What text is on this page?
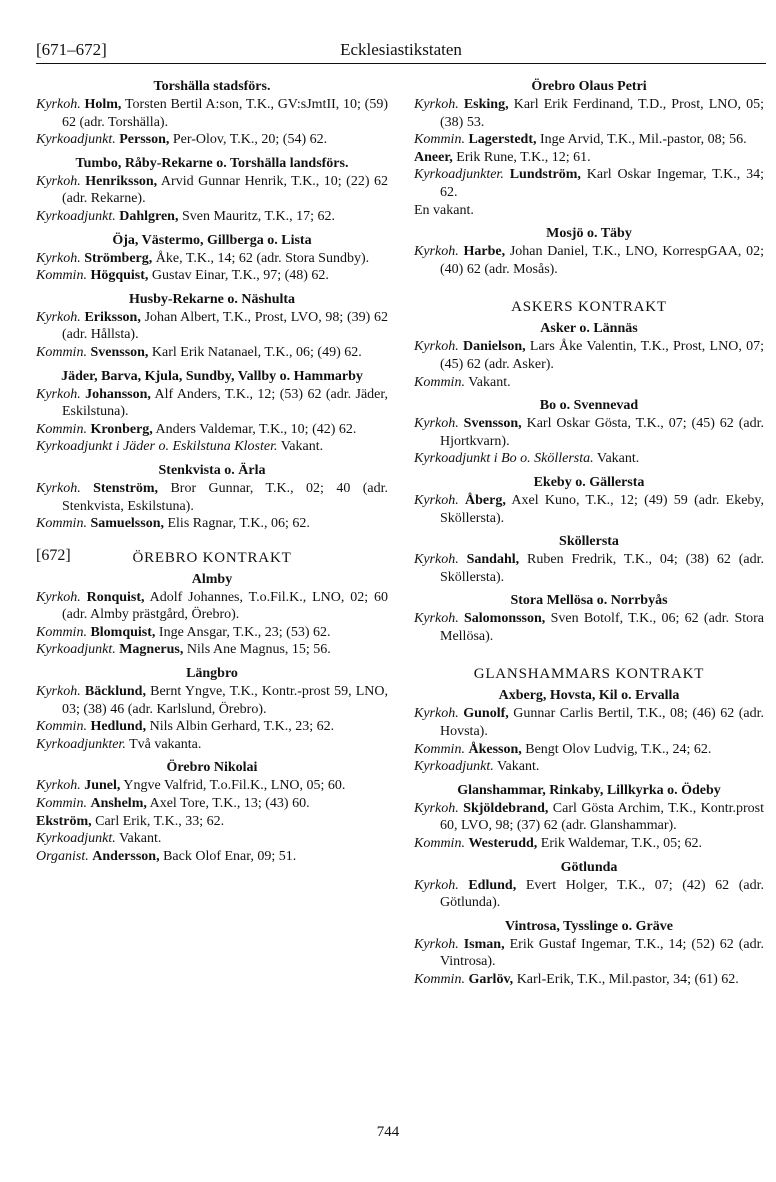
[671–672]	Ecklesiastikstaten
Torshälla stadsförs.
Kyrkoh. Holm, Torsten Bertil A:son, T.K., GV:sJmtII, 10; (59) 62 (adr. Torshälla).
Kyrkoadjunkt. Persson, Per-Olov, T.K., 20; (54) 62.
Tumbo, Råby-Rekarne o. Torshälla landsförs.
Kyrkoh. Henriksson, Arvid Gunnar Henrik, T.K., 10; (22) 62 (adr. Rekarne).
Kyrkoadjunkt. Dahlgren, Sven Mauritz, T.K., 17; 62.
Öja, Västermo, Gillberga o. Lista
Kyrkoh. Strömberg, Åke, T.K., 14; 62 (adr. Stora Sundby).
Kommin. Högquist, Gustav Einar, T.K., 97; (48) 62.
Husby-Rekarne o. Näshulta
Kyrkoh. Eriksson, Johan Albert, T.K., Prost, LVO, 98; (39) 62 (adr. Hållsta).
Kommin. Svensson, Karl Erik Natanael, T.K., 06; (49) 62.
Jäder, Barva, Kjula, Sundby, Vallby o. Hammarby
Kyrkoh. Johansson, Alf Anders, T.K., 12; (53) 62 (adr. Jäder, Eskilstuna).
Kommin. Kronberg, Anders Valdemar, T.K., 10; (42) 62.
Kyrkoadjunkt i Jäder o. Eskilstuna Kloster. Vakant.
Stenkvista o. Ärla
Kyrkoh. Stenström, Bror Gunnar, T.K., 02; 40 (adr. Stenkvista, Eskilstuna).
Kommin. Samuelsson, Elis Ragnar, T.K., 06; 62.
[672]	ÖREBRO KONTRAKT
Almby
Kyrkoh. Ronquist, Adolf Johannes, T.o.Fil.K., LNO, 02; 60 (adr. Almby prästgård, Örebro).
Kommin. Blomquist, Inge Ansgar, T.K., 23; (53) 62.
Kyrkoadjunkt. Magnerus, Nils Ane Magnus, 15; 56.
Längbro
Kyrkoh. Bäcklund, Bernt Yngve, T.K., Kontr.-prost 59, LNO, 03; (38) 46 (adr. Karlslund, Örebro).
Kommin. Hedlund, Nils Albin Gerhard, T.K., 23; 62.
Kyrkoadjunkter. Två vakanta.
Örebro Nikolai
Kyrkoh. Junel, Yngve Valfrid, T.o.Fil.K., LNO, 05; 60.
Kommin. Anshelm, Axel Tore, T.K., 13; (43) 60.
Ekström, Carl Erik, T.K., 33; 62.
Kyrkoadjunkt. Vakant.
Organist. Andersson, Back Olof Enar, 09; 51.
Örebro Olaus Petri
Kyrkoh. Esking, Karl Erik Ferdinand, T.D., Prost, LNO, 05; (38) 53.
Kommin. Lagerstedt, Inge Arvid, T.K., Mil.-pastor, 08; 56.
Aneer, Erik Rune, T.K., 12; 61.
Kyrkoadjunkter. Lundström, Karl Oskar Ingemar, T.K., 34; 62.
En vakant.
Mosjö o. Täby
Kyrkoh. Harbe, Johan Daniel, T.K., LNO, KorrespGAA, 02; (40) 62 (adr. Mosås).
ASKERS KONTRAKT
Asker o. Lännäs
Kyrkoh. Danielson, Lars Åke Valentin, T.K., Prost, LNO, 07; (45) 62 (adr. Asker).
Kommin. Vakant.
Bo o. Svennevad
Kyrkoh. Svensson, Karl Oskar Gösta, T.K., 07; (45) 62 (adr. Hjortkvarn).
Kyrkoadjunkt i Bo o. Sköllersta. Vakant.
Ekeby o. Gällersta
Kyrkoh. Åberg, Axel Kuno, T.K., 12; (49) 59 (adr. Ekeby, Sköllersta).
Sköllersta
Kyrkoh. Sandahl, Ruben Fredrik, T.K., 04; (38) 62 (adr. Sköllersta).
Stora Mellösa o. Norrbyås
Kyrkoh. Salomonsson, Sven Botolf, T.K., 06; 62 (adr. Stora Mellösa).
GLANSHAMMARS KONTRAKT
Axberg, Hovsta, Kil o. Ervalla
Kyrkoh. Gunolf, Gunnar Carlis Bertil, T.K., 08; (46) 62 (adr. Hovsta).
Kommin. Åkesson, Bengt Olov Ludvig, T.K., 24; 62.
Kyrkoadjunkt. Vakant.
Glanshammar, Rinkaby, Lillkyrka o. Ödeby
Kyrkoh. Skjöldebrand, Carl Gösta Archim, T.K., Kontr.prost 60, LVO, 98; (37) 62 (adr. Glanshammar).
Kommin. Westerudd, Erik Waldemar, T.K., 05; 62.
Götlunda
Kyrkoh. Edlund, Evert Holger, T.K., 07; (42) 62 (adr. Götlunda).
Vintrosa, Tysslinge o. Gräve
Kyrkoh. Isman, Erik Gustaf Ingemar, T.K., 14; (52) 62 (adr. Vintrosa).
Kommin. Garlöv, Karl-Erik, T.K., Mil.pastor, 34; (61) 62.
744
